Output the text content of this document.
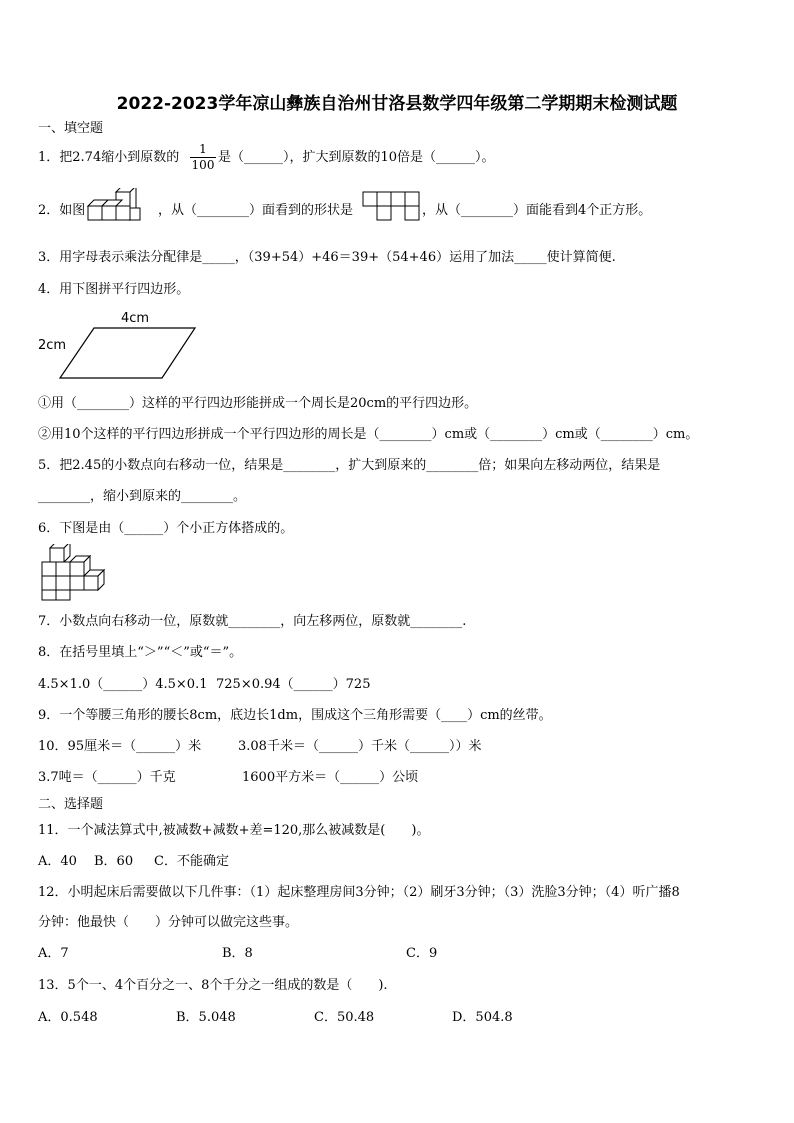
2022-2023学年凉山彝族自治州甘洛县数学四年级第二学期期末检测试题
一、填空题
1．把2.74缩小到原数的 $\frac{1}{100}$ 是（______），扩大到原数的10倍是（______）。
2．如图	，从（________）面看到的形状是	，从（________）面能看到4个正方形。
3．用字母表示乘法分配律是_____，（39+54）+46＝39+（54+46）运用了加法_____使计算简便.
4．用下图拼平行四边形。
4cm
2cm
①用（________）这样的平行四边形能拼成一个周长是20cm的平行四边形。
②用10个这样的平行四边形拼成一个平行四边形的周长是（________）cm或（________）cm或（________）cm。
5．把2.45的小数点向右移动一位，结果是________，扩大到原来的________倍；如果向左移动两位，结果是
________，缩小到原来的________。
6．下图是由（______）个小正方体搭成的。
7．小数点向右移动一位，原数就________，向左移两位，原数就________.
8．在括号里填上“＞”“＜”或“＝”。
4.5×1.0（______）4.5×0.1 725×0.94（______）725
9．一个等腰三角形的腰长8cm，底边长1dm，围成这个三角形需要（____）cm的丝带。
10．95厘米＝（______）米	3.08千米＝（______）千米（______））米
3.7吨＝（______）千克	1600平方米＝（______）公顷
二、选择题
11．一个减法算式中,被减数+减数+差=120,那么被减数是(　　)。
A．40 B．60 C．不能确定
12．小明起床后需要做以下几件事：（1）起床整理房间3分钟；（2）刷牙3分钟；（3）洗脸3分钟；（4）听广播8
分钟：他最快（　　）分钟可以做完这些事。
A．7	B．8	C．9
13．5个一、4个百分之一、8个千分之一组成的数是（　　).
A．0.548	B．5.048	C．50.48	D．504.8
